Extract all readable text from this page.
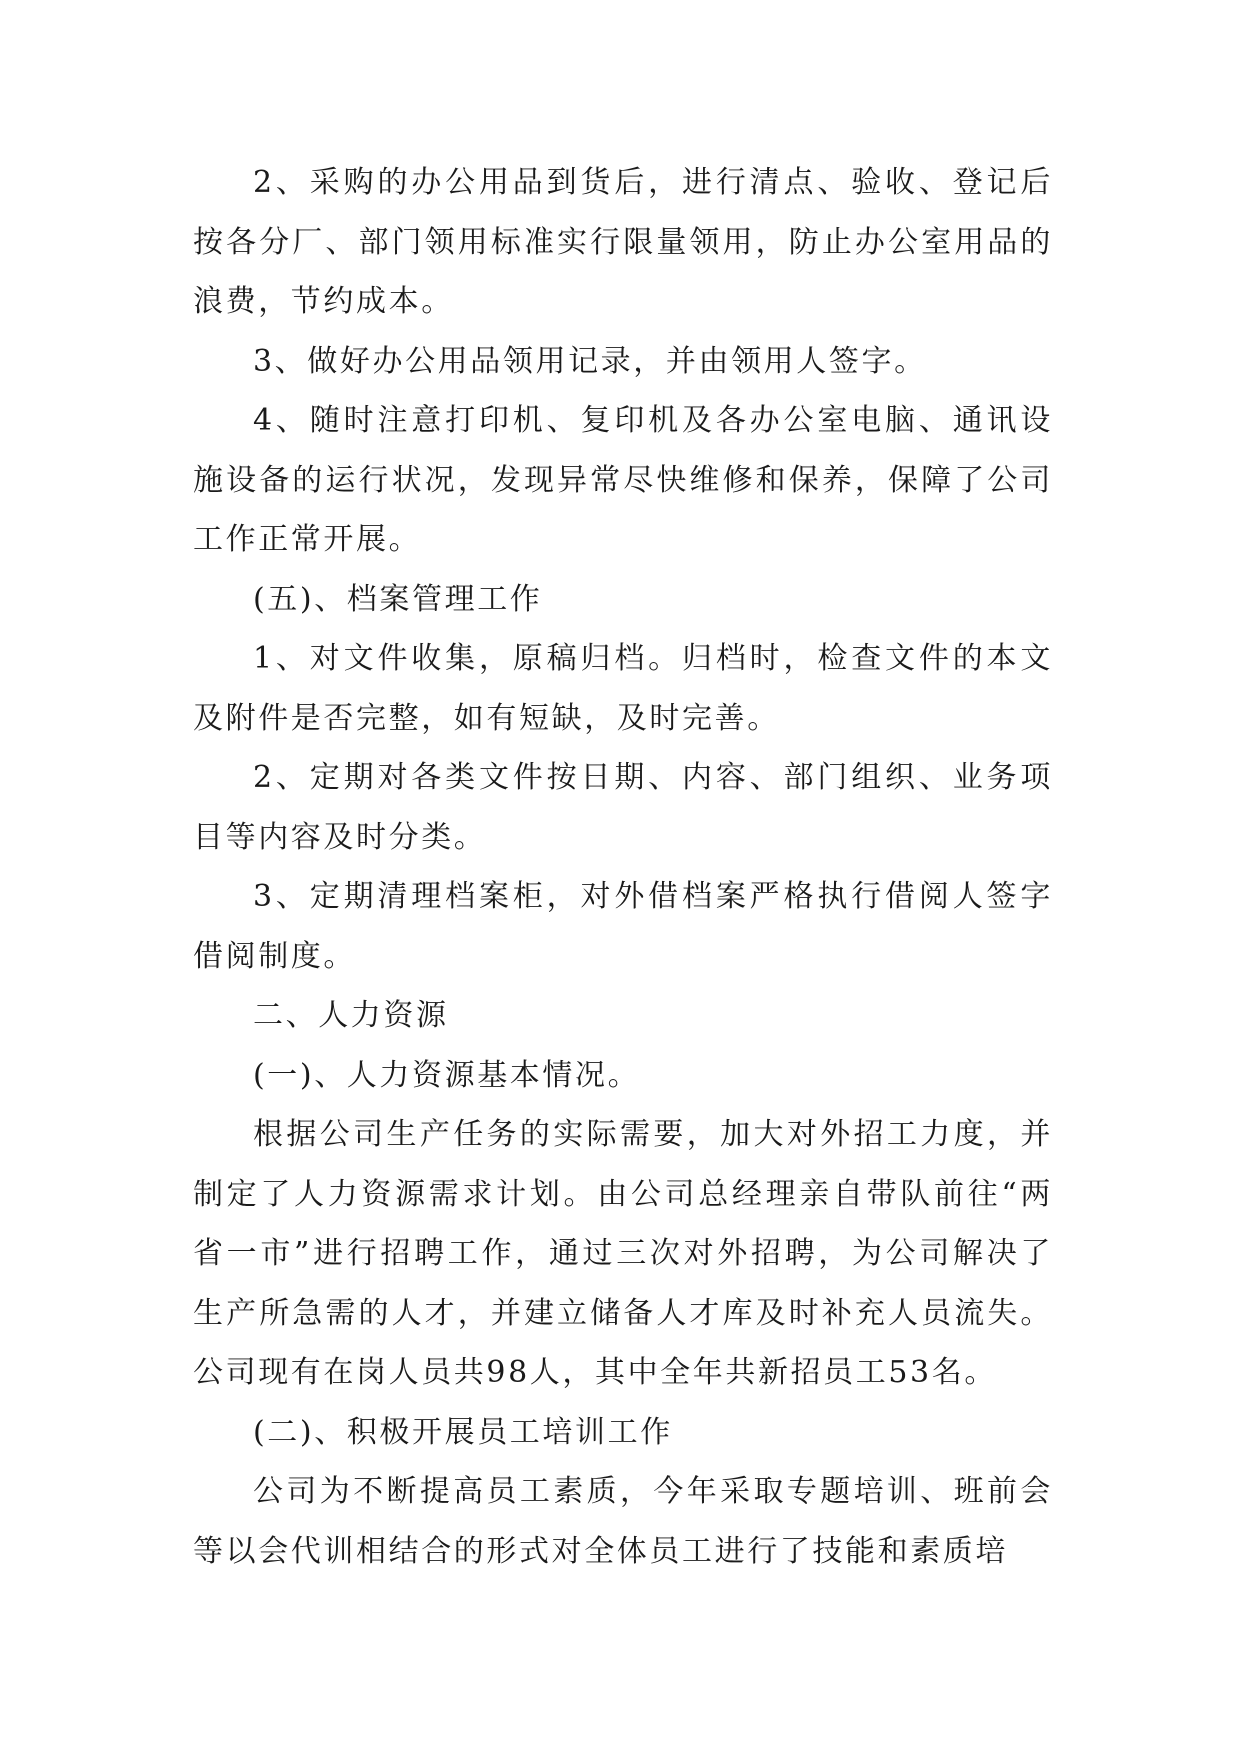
2、采购的办公用品到货后，进行清点、验收、登记后按各分厂、部门领用标准实行限量领用，防止办公室用品的浪费，节约成本。

3、做好办公用品领用记录，并由领用人签字。

4、随时注意打印机、复印机及各办公室电脑、通讯设施设备的运行状况，发现异常尽快维修和保养，保障了公司工作正常开展。

(五)、档案管理工作

1、对文件收集，原稿归档。归档时，检查文件的本文及附件是否完整，如有短缺，及时完善。

2、定期对各类文件按日期、内容、部门组织、业务项目等内容及时分类。

3、定期清理档案柜，对外借档案严格执行借阅人签字借阅制度。

二、人力资源

(一)、人力资源基本情况。

根据公司生产任务的实际需要，加大对外招工力度，并制定了人力资源需求计划。由公司总经理亲自带队前往“两省一市”进行招聘工作，通过三次对外招聘，为公司解决了生产所急需的人才，并建立储备人才库及时补充人员流失。公司现有在岗人员共98人，其中全年共新招员工53名。

(二)、积极开展员工培训工作

公司为不断提高员工素质，今年采取专题培训、班前会等以会代训相结合的形式对全体员工进行了技能和素质培
